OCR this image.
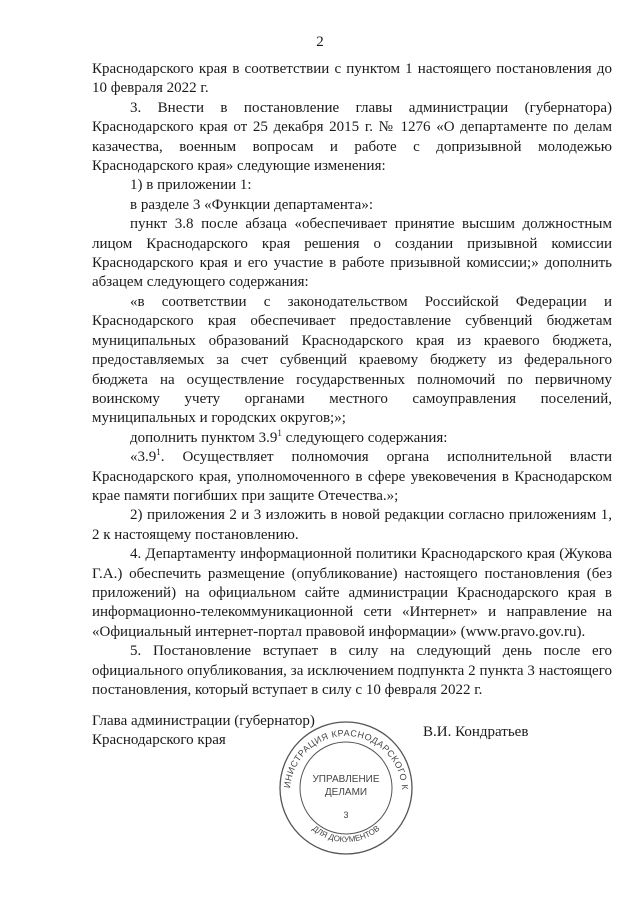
2

Краснодарского края в соответствии с пунктом 1 настоящего постановления до 10 февраля 2022 г.

3. Внести в постановление главы администрации (губернатора) Краснодарского края от 25 декабря 2015 г. № 1276 «О департаменте по делам казачества, военным вопросам и работе с допризывной молодежью Краснодарского края» следующие изменения:

1) в приложении 1:

в разделе 3 «Функции департамента»:

пункт 3.8 после абзаца «обеспечивает принятие высшим должностным лицом Краснодарского края решения о создании призывной комиссии Краснодарского края и его участие в работе призывной комиссии;» дополнить абзацем следующего содержания:

«в соответствии с законодательством Российской Федерации и Краснодарского края обеспечивает предоставление субвенций бюджетам муниципальных образований Краснодарского края из краевого бюджета, предоставляемых за счет субвенций краевому бюджету из федерального бюджета на осуществление государственных полномочий по первичному воинскому учету органами местного самоуправления поселений, муниципальных и городских округов;»;

дополнить пунктом $3.9^1$ следующего содержания:

«$3.9^1$. Осуществляет полномочия органа исполнительной власти Краснодарского края, уполномоченного в сфере увековечения в Краснодарском крае памяти погибших при защите Отечества.»;

2) приложения 2 и 3 изложить в новой редакции согласно приложениям 1, 2 к настоящему постановлению.

4. Департаменту информационной политики Краснодарского края (Жукова Г.А.) обеспечить размещение (опубликование) настоящего постановления (без приложений) на официальном сайте администрации Краснодарского края в информационно-телекоммуникационной сети «Интернет» и направление на «Официальный интернет-портал правовой информации» (www.pravo.gov.ru).

5. Постановление вступает в силу на следующий день после его официального опубликования, за исключением подпункта 2 пункта 3 настоящего постановления, который вступает в силу с 10 февраля 2022 г.

Глава администрации (губернатор)
Краснодарского края
В.И. Кондратьев
ИНИСТРАЦИЯ КРАСНОДАРСКОГО К
УПРАВЛЕНИЕ
ДЕЛАМИ
3
ДЛЯ ДОКУМЕНТОВ
